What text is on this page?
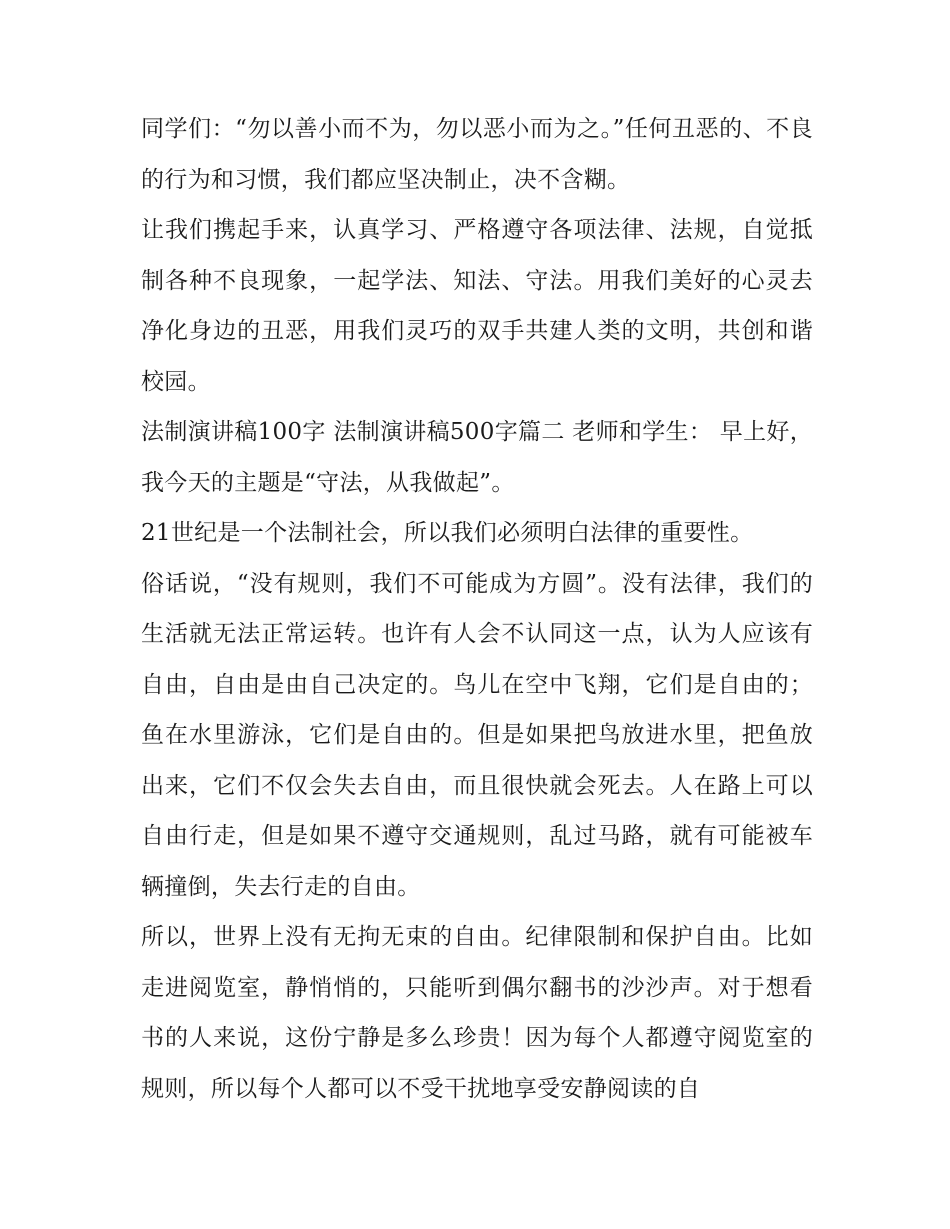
同学们：“勿以善小而不为，勿以恶小而为之。”任何丑恶的、不良的行为和习惯，我们都应坚决制止，决不含糊。

让我们携起手来，认真学习、严格遵守各项法律、法规，自觉抵制各种不良现象，一起学法、知法、守法。用我们美好的心灵去净化身边的丑恶，用我们灵巧的双手共建人类的文明，共创和谐校园。

法制演讲稿100字 法制演讲稿500字篇二 老师和学生： 早上好，我今天的主题是“守法，从我做起”。

21世纪是一个法制社会，所以我们必须明白法律的重要性。

俗话说，“没有规则，我们不可能成为方圆”。没有法律，我们的生活就无法正常运转。也许有人会不认同这一点，认为人应该有自由，自由是由自己决定的。鸟儿在空中飞翔，它们是自由的；鱼在水里游泳，它们是自由的。但是如果把鸟放进水里，把鱼放出来，它们不仅会失去自由，而且很快就会死去。人在路上可以自由行走，但是如果不遵守交通规则，乱过马路，就有可能被车辆撞倒，失去行走的自由。

所以，世界上没有无拘无束的自由。纪律限制和保护自由。比如走进阅览室，静悄悄的，只能听到偶尔翻书的沙沙声。对于想看书的人来说，这份宁静是多么珍贵！因为每个人都遵守阅览室的规则，所以每个人都可以不受干扰地享受安静阅读的自
